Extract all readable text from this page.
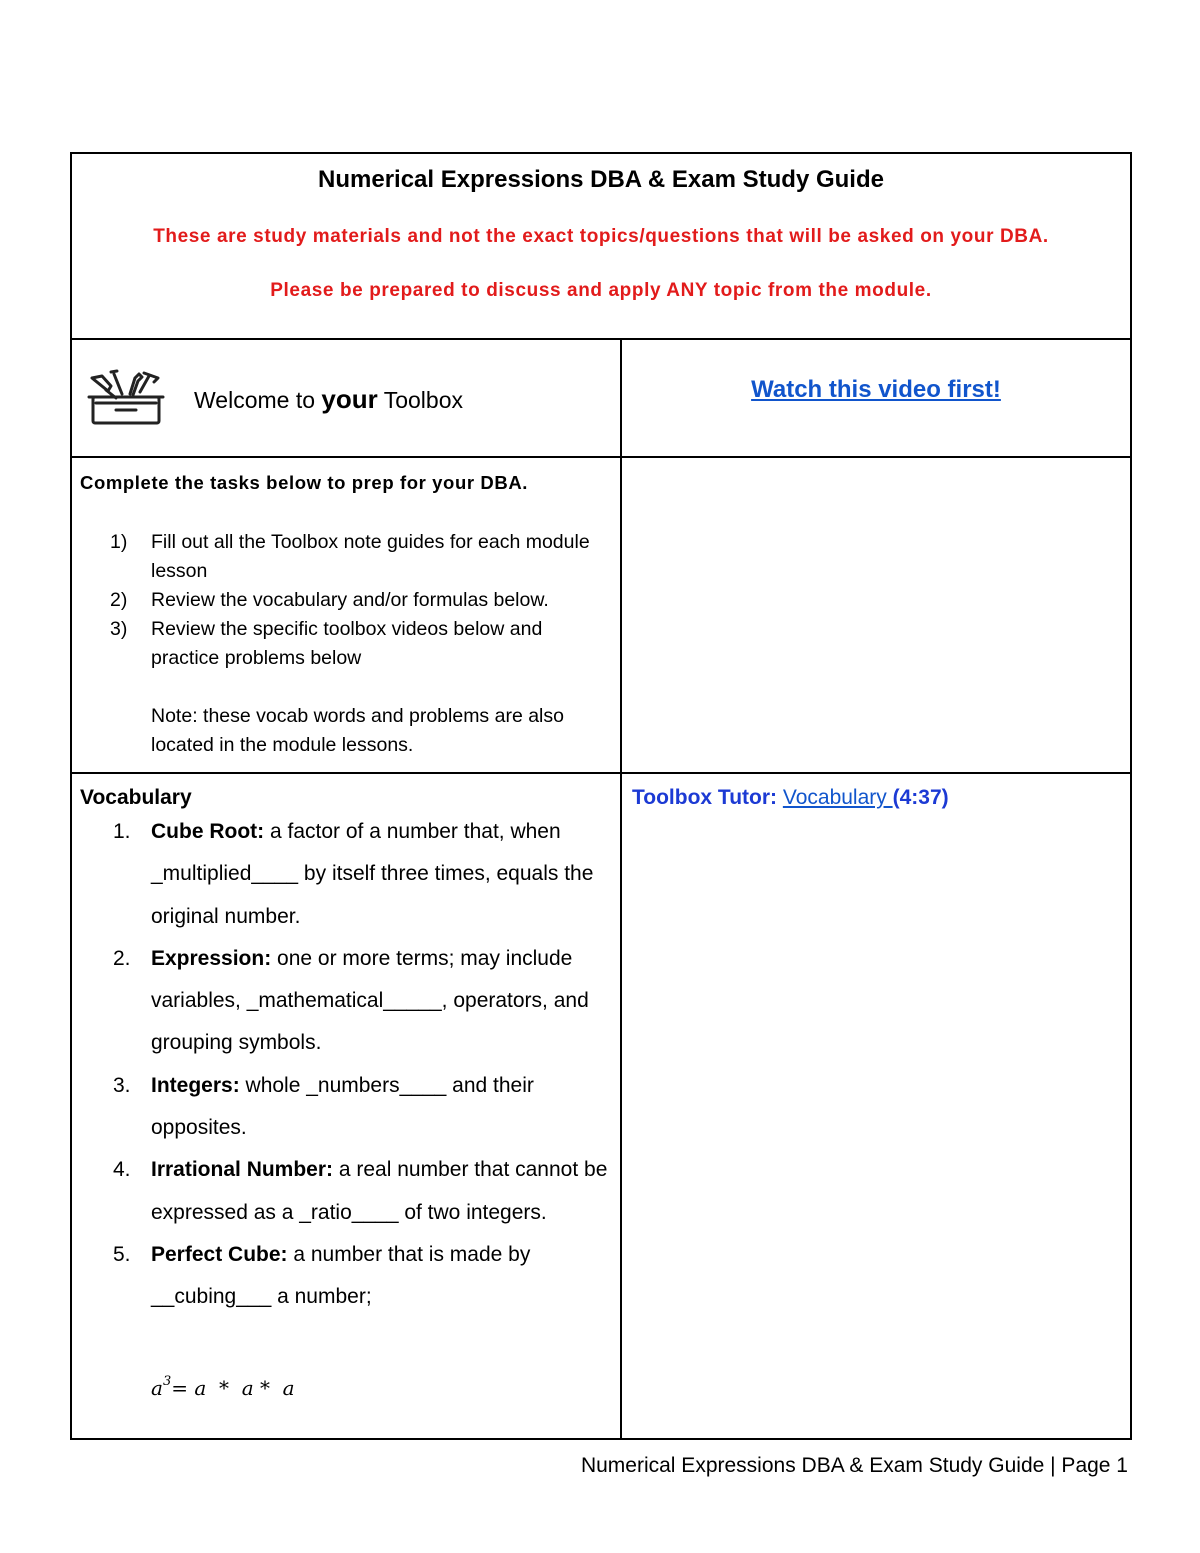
Numerical Expressions DBA & Exam Study Guide
These are study materials and not the exact topics/questions that will be asked on your DBA.
Please be prepared to discuss and apply ANY topic from the module.
Welcome to your Toolbox	Watch this video first!
Complete the tasks below to prep for your DBA.
1)	Fill out all the Toolbox note guides for each module lesson
2)	Review the vocabulary and/or formulas below.
3)	Review the specific toolbox videos below and practice problems below
Note: these vocab words and problems are also located in the module lessons.
Vocabulary
1. Cube Root: a factor of a number that, when _multiplied____ by itself three times, equals the original number.
2. Expression: one or more terms; may include variables, _mathematical_____, operators, and grouping symbols.
3. Integers: whole _numbers____ and their opposites.
4. Irrational Number: a real number that cannot be expressed as a _ratio____ of two integers.
5. Perfect Cube: a number that is made by __cubing___ a number;
$a^3= a * a * a$
Toolbox Tutor: Vocabulary (4:37)
Numerical Expressions DBA & Exam Study Guide | Page 1
